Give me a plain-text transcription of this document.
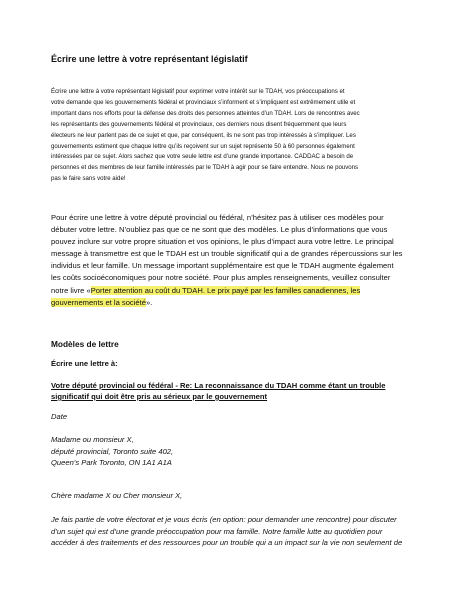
Écrire une lettre à votre représentant législatif
Écrire une lettre à votre représentant législatif pour exprimer votre intérêt sur le TDAH, vos préoccupations et
votre demande que les gouvernements fédéral et provinciaux s’informent et s’impliquent est extrêmement utile et
important dans nos efforts pour la défense des droits des personnes atteintes d’un TDAH. Lors de rencontres avec
les représentants des gouvernements fédéral et provinciaux, ces derniers nous disent fréquemment que leurs
électeurs ne leur parlent pas de ce sujet et que, par conséquent, ils ne sont pas trop intéressés à s’impliquer. Les
gouvernements estiment que chaque lettre qu’ils reçoivent sur un sujet représente 50 à 60 personnes également
intéressées par ce sujet. Alors sachez que votre seule lettre est d’une grande importance. CADDAC a besoin de
personnes et des membres de leur famille intéressés par le TDAH à agir pour se faire entendre. Nous ne pouvons
pas le faire sans votre aide!
Pour écrire une lettre à votre député provincial ou fédéral, n’hésitez pas à utiliser ces modèles pour
débuter votre lettre. N’oubliez pas que ce ne sont que des modèles. Le plus d’informations que vous
pouvez inclure sur votre propre situation et vos opinions, le plus d’impact aura votre lettre. Le principal
message à transmettre est que le TDAH est un trouble significatif qui a de grandes répercussions sur les
individus et leur famille. Un message important supplémentaire est que le TDAH augmente également
les coûts socioéconomiques pour notre société. Pour plus amples renseignements, veuillez consulter
notre livre «Porter attention au coût du TDAH. Le prix payé par les familles canadiennes, les
gouvernements et la société».
Modèles de lettre
Écrire une lettre à:
Votre député provincial ou fédéral - Re: La reconnaissance du TDAH comme étant un trouble
significatif qui doit être pris au sérieux par le gouvernement
Date
Madame ou monsieur X,
député provincial, Toronto suite 402,
Queen’s Park Toronto, ON 1A1 A1A
Chère madame X ou Cher monsieur X,
Je fais partie de votre électorat et je vous écris (en option: pour demander une rencontre) pour discuter
d’un sujet qui est d’une grande préoccupation pour ma famille. Notre famille lutte au quotidien pour
accéder à des traitements et des ressources pour un trouble qui a un impact sur la vie non seulement de
